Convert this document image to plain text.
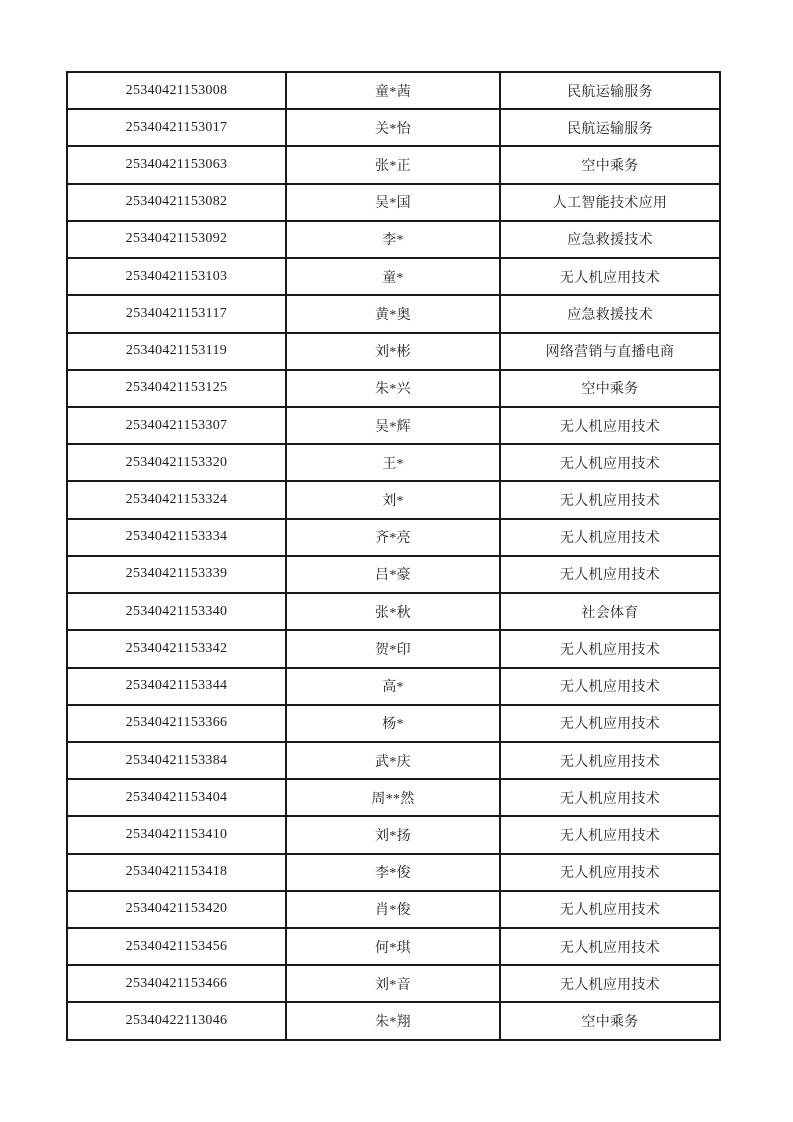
25340421153008	童*茜	民航运输服务
25340421153017	关*怡	民航运输服务
25340421153063	张*正	空中乘务
25340421153082	吴*国	人工智能技术应用
25340421153092	李*	应急救援技术
25340421153103	童*	无人机应用技术
25340421153117	黄*奥	应急救援技术
25340421153119	刘*彬	网络营销与直播电商
25340421153125	朱*兴	空中乘务
25340421153307	吴*辉	无人机应用技术
25340421153320	王*	无人机应用技术
25340421153324	刘*	无人机应用技术
25340421153334	齐*亮	无人机应用技术
25340421153339	吕*豪	无人机应用技术
25340421153340	张*秋	社会体育
25340421153342	贺*印	无人机应用技术
25340421153344	高*	无人机应用技术
25340421153366	杨*	无人机应用技术
25340421153384	武*庆	无人机应用技术
25340421153404	周**然	无人机应用技术
25340421153410	刘*扬	无人机应用技术
25340421153418	李*俊	无人机应用技术
25340421153420	肖*俊	无人机应用技术
25340421153456	何*琪	无人机应用技术
25340421153466	刘*音	无人机应用技术
25340422113046	朱*翔	空中乘务
